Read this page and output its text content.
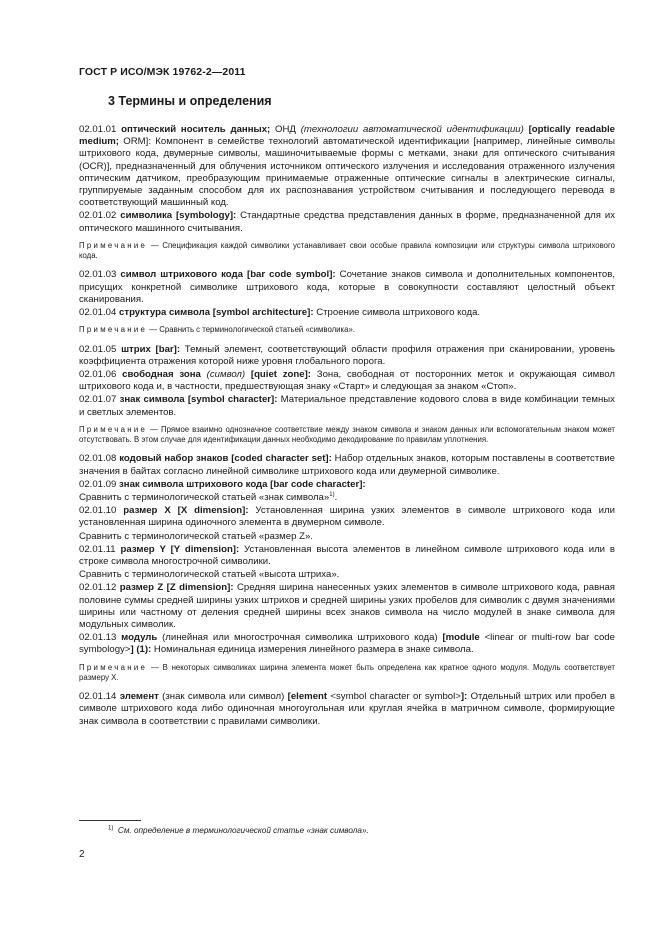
ГОСТ Р ИСО/МЭК 19762-2—2011
3 Термины и определения

02.01.01 оптический носитель данных; ОНД (технологии автоматической идентификации) [optically readable medium; ORM]: Компонент в семействе технологий автоматической идентификации [например, линейные символы штрихового кода, двумерные символы, машиночитываемые формы с метками, знаки для оптического считывания (OCR)], предназначенный для облучения источником оптического излучения и исследования отраженного излучения оптическим датчиком, преобразующим принимаемые отраженные оптические сигналы в электрические сигналы, группируемые заданным способом для их распознавания устройством считывания и последующего перевода в соответствующий машинный код.

02.01.02 символика [symbology]: Стандартные средства представления данных в форме, предназначенной для их оптического машинного считывания.

Примечание — Спецификация каждой символики устанавливает свои особые правила композиции или структуры символа штрихового кода.

02.01.03 символ штрихового кода [bar code symbol]: Сочетание знаков символа и дополнительных компонентов, присущих конкретной символике штрихового кода, которые в совокупности составляют целостный объект сканирования.

02.01.04 структура символа [symbol architecture]: Строение символа штрихового кода.

Примечание — Сравнить с терминологической статьей «символика».

02.01.05 штрих [bar]: Темный элемент, соответствующий области профиля отражения при сканировании, уровень коэффициента отражения которой ниже уровня глобального порога.

02.01.06 свободная зона (символ) [quiet zone]: Зона, свободная от посторонних меток и окружающая символ штрихового кода и, в частности, предшествующая знаку «Старт» и следующая за знаком «Стоп».

02.01.07 знак символа [symbol character]: Материальное представление кодового слова в виде комбинации темных и светлых элементов.

Примечание — Прямое взаимно однозначное соответствие между знаком символа и знаком данных или вспомогательным знаком может отсутствовать. В этом случае для идентификации данных необходимо декодирование по правилам уплотнения.

02.01.08 кодовый набор знаков [coded character set]: Набор отдельных знаков, которым поставлены в соответствие значения в байтах согласно линейной символике штрихового кода или двумерной символике.

02.01.09 знак символа штрихового кода [bar code character]:

Сравнить с терминологической статьей «знак символа»$^{1)}$.

02.01.10 размер X [X dimension]: Установленная ширина узких элементов в символе штрихового кода или установленная ширина одиночного элемента в двумерном символе.

Сравнить с терминологической статьей «размер Z».

02.01.11 размер Y [Y dimension]: Установленная высота элементов в линейном символе штрихового кода или в строке символа многострочной символики.

Сравнить с терминологической статьей «высота штриха».

02.01.12 размер Z [Z dimension]: Средняя ширина нанесенных узких элементов в символе штрихового кода, равная половине суммы средней ширины узких штрихов и средней ширины узких пробелов для символик с двумя значениями ширины или частному от деления средней ширины всех знаков символа на число модулей в знаке символа для модульных символик.

02.01.13 модуль (линейная или многострочная символика штрихового кода) [module <linear or multi-row bar code symbology>] (1): Номинальная единица измерения линейного размера в знаке символа.

Примечание — В некоторых символиках ширина элемента может быть определена как кратное одного модуля. Модуль соответствует размеру X.

02.01.14 элемент (знак символа или символ) [element <symbol character or symbol>]: Отдельный штрих или пробел в символе штрихового кода либо одиночная многоугольная или круглая ячейка в матричном символе, формирующие знак символа в соответствии с правилами символики.

$^{1)}$ См. определение в терминологической статье «знак символа».
2
